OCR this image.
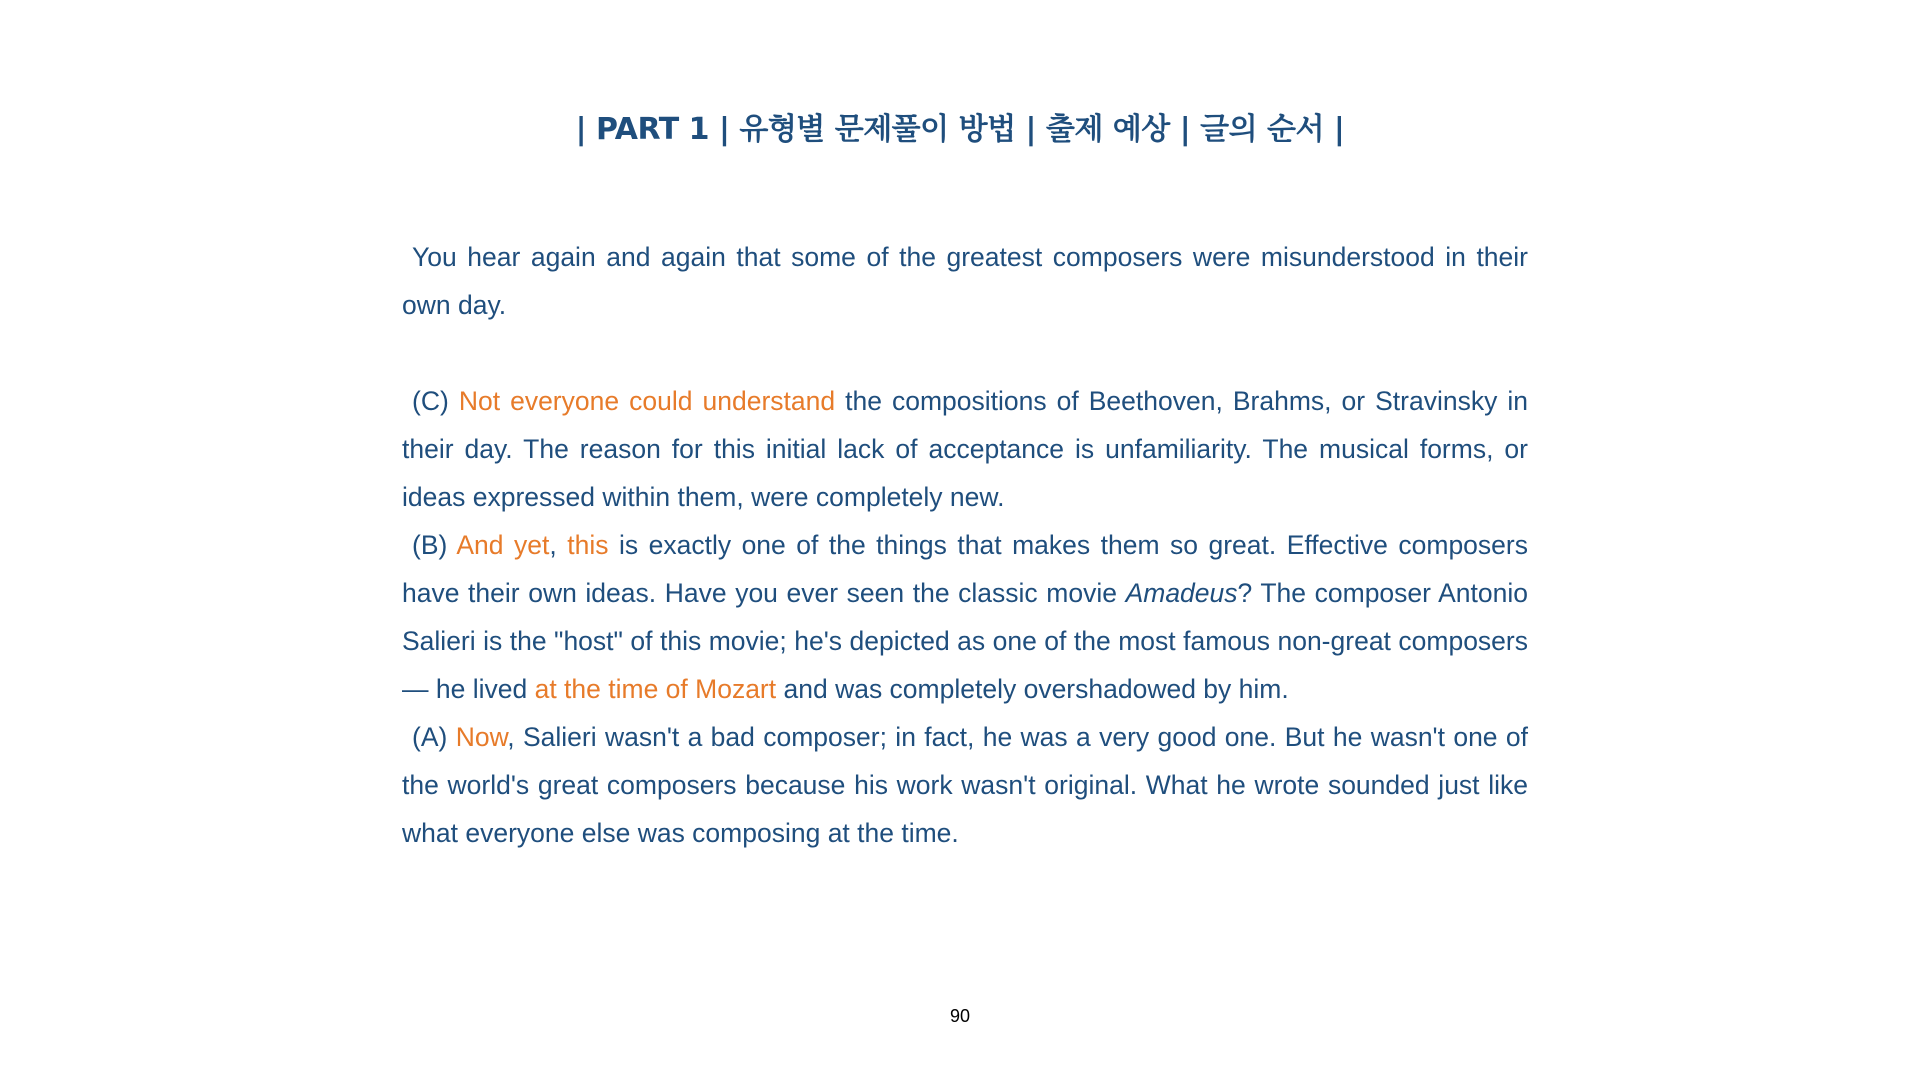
| PART 1 | 유형별 문제풀이 방법 | 출제 예상 | 글의 순서 |

You hear again and again that some of the greatest composers were misunderstood in their own day.

(C) Not everyone could understand the compositions of Beethoven, Brahms, or Stravinsky in their day. The reason for this initial lack of acceptance is unfamiliarity. The musical forms, or ideas expressed within them, were completely new.

(B) And yet, this is exactly one of the things that makes them so great. Effective composers have their own ideas. Have you ever seen the classic movie Amadeus? The composer Antonio Salieri is the "host" of this movie; he's depicted as one of the most famous non-great composers — he lived at the time of Mozart and was completely overshadowed by him.

(A) Now, Salieri wasn't a bad composer; in fact, he was a very good one. But he wasn't one of the world's great composers because his work wasn't original. What he wrote sounded just like what everyone else was composing at the time.

90
